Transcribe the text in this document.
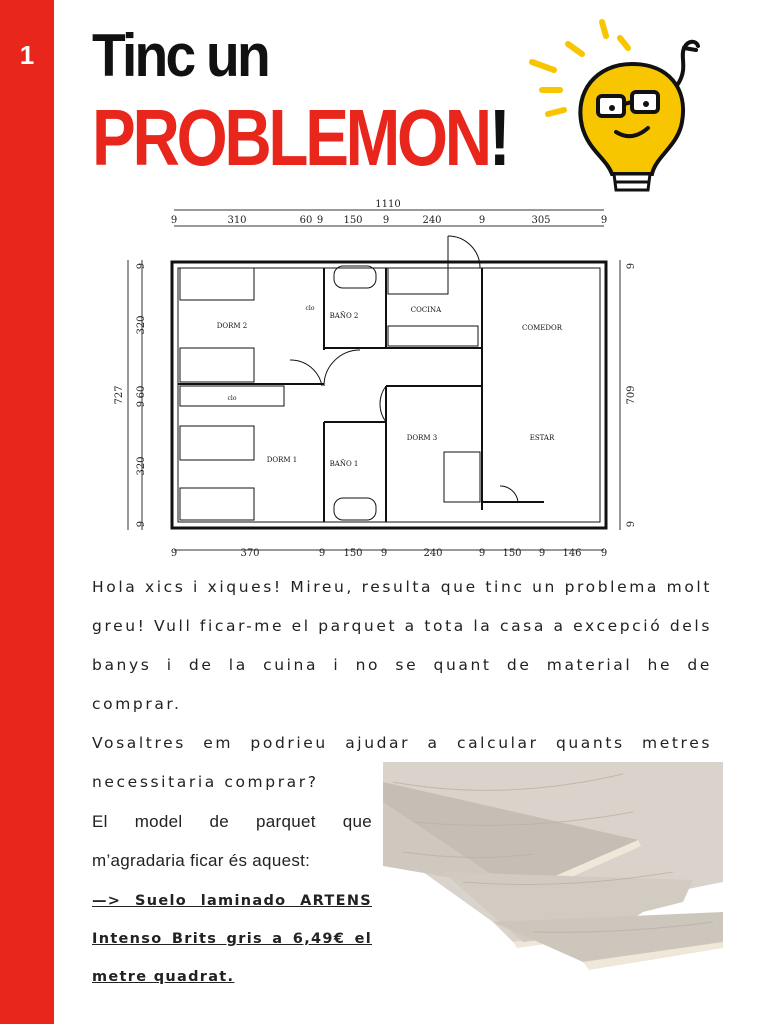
1 Tinc un
PROBLEMON!
1110
9	310	60 9 150 9	240	9	305	9
9	370	9 150 9	240	9 150 9 146 9
727
9
320
60
9
320
9
709
9
9
DORM 2
DORM 1
DORM 3
BAÑO 2
BAÑO 1
COCINA
COMEDOR
ESTAR
clo
clo

Hola xics i xiques! Mireu, resulta que tinc un problema molt greu! Vull ficar-me el parquet a tota la casa a excepció dels banys i de la cuina i no se quant de material he de comprar.

Vosaltres em podrieu ajudar a calcular quants metres necessitaria comprar?

El model de parquet que m’agradaria ficar és aquest:

—> Suelo laminado ARTENS Intenso Brits gris a 6,49€ el metre quadrat.
